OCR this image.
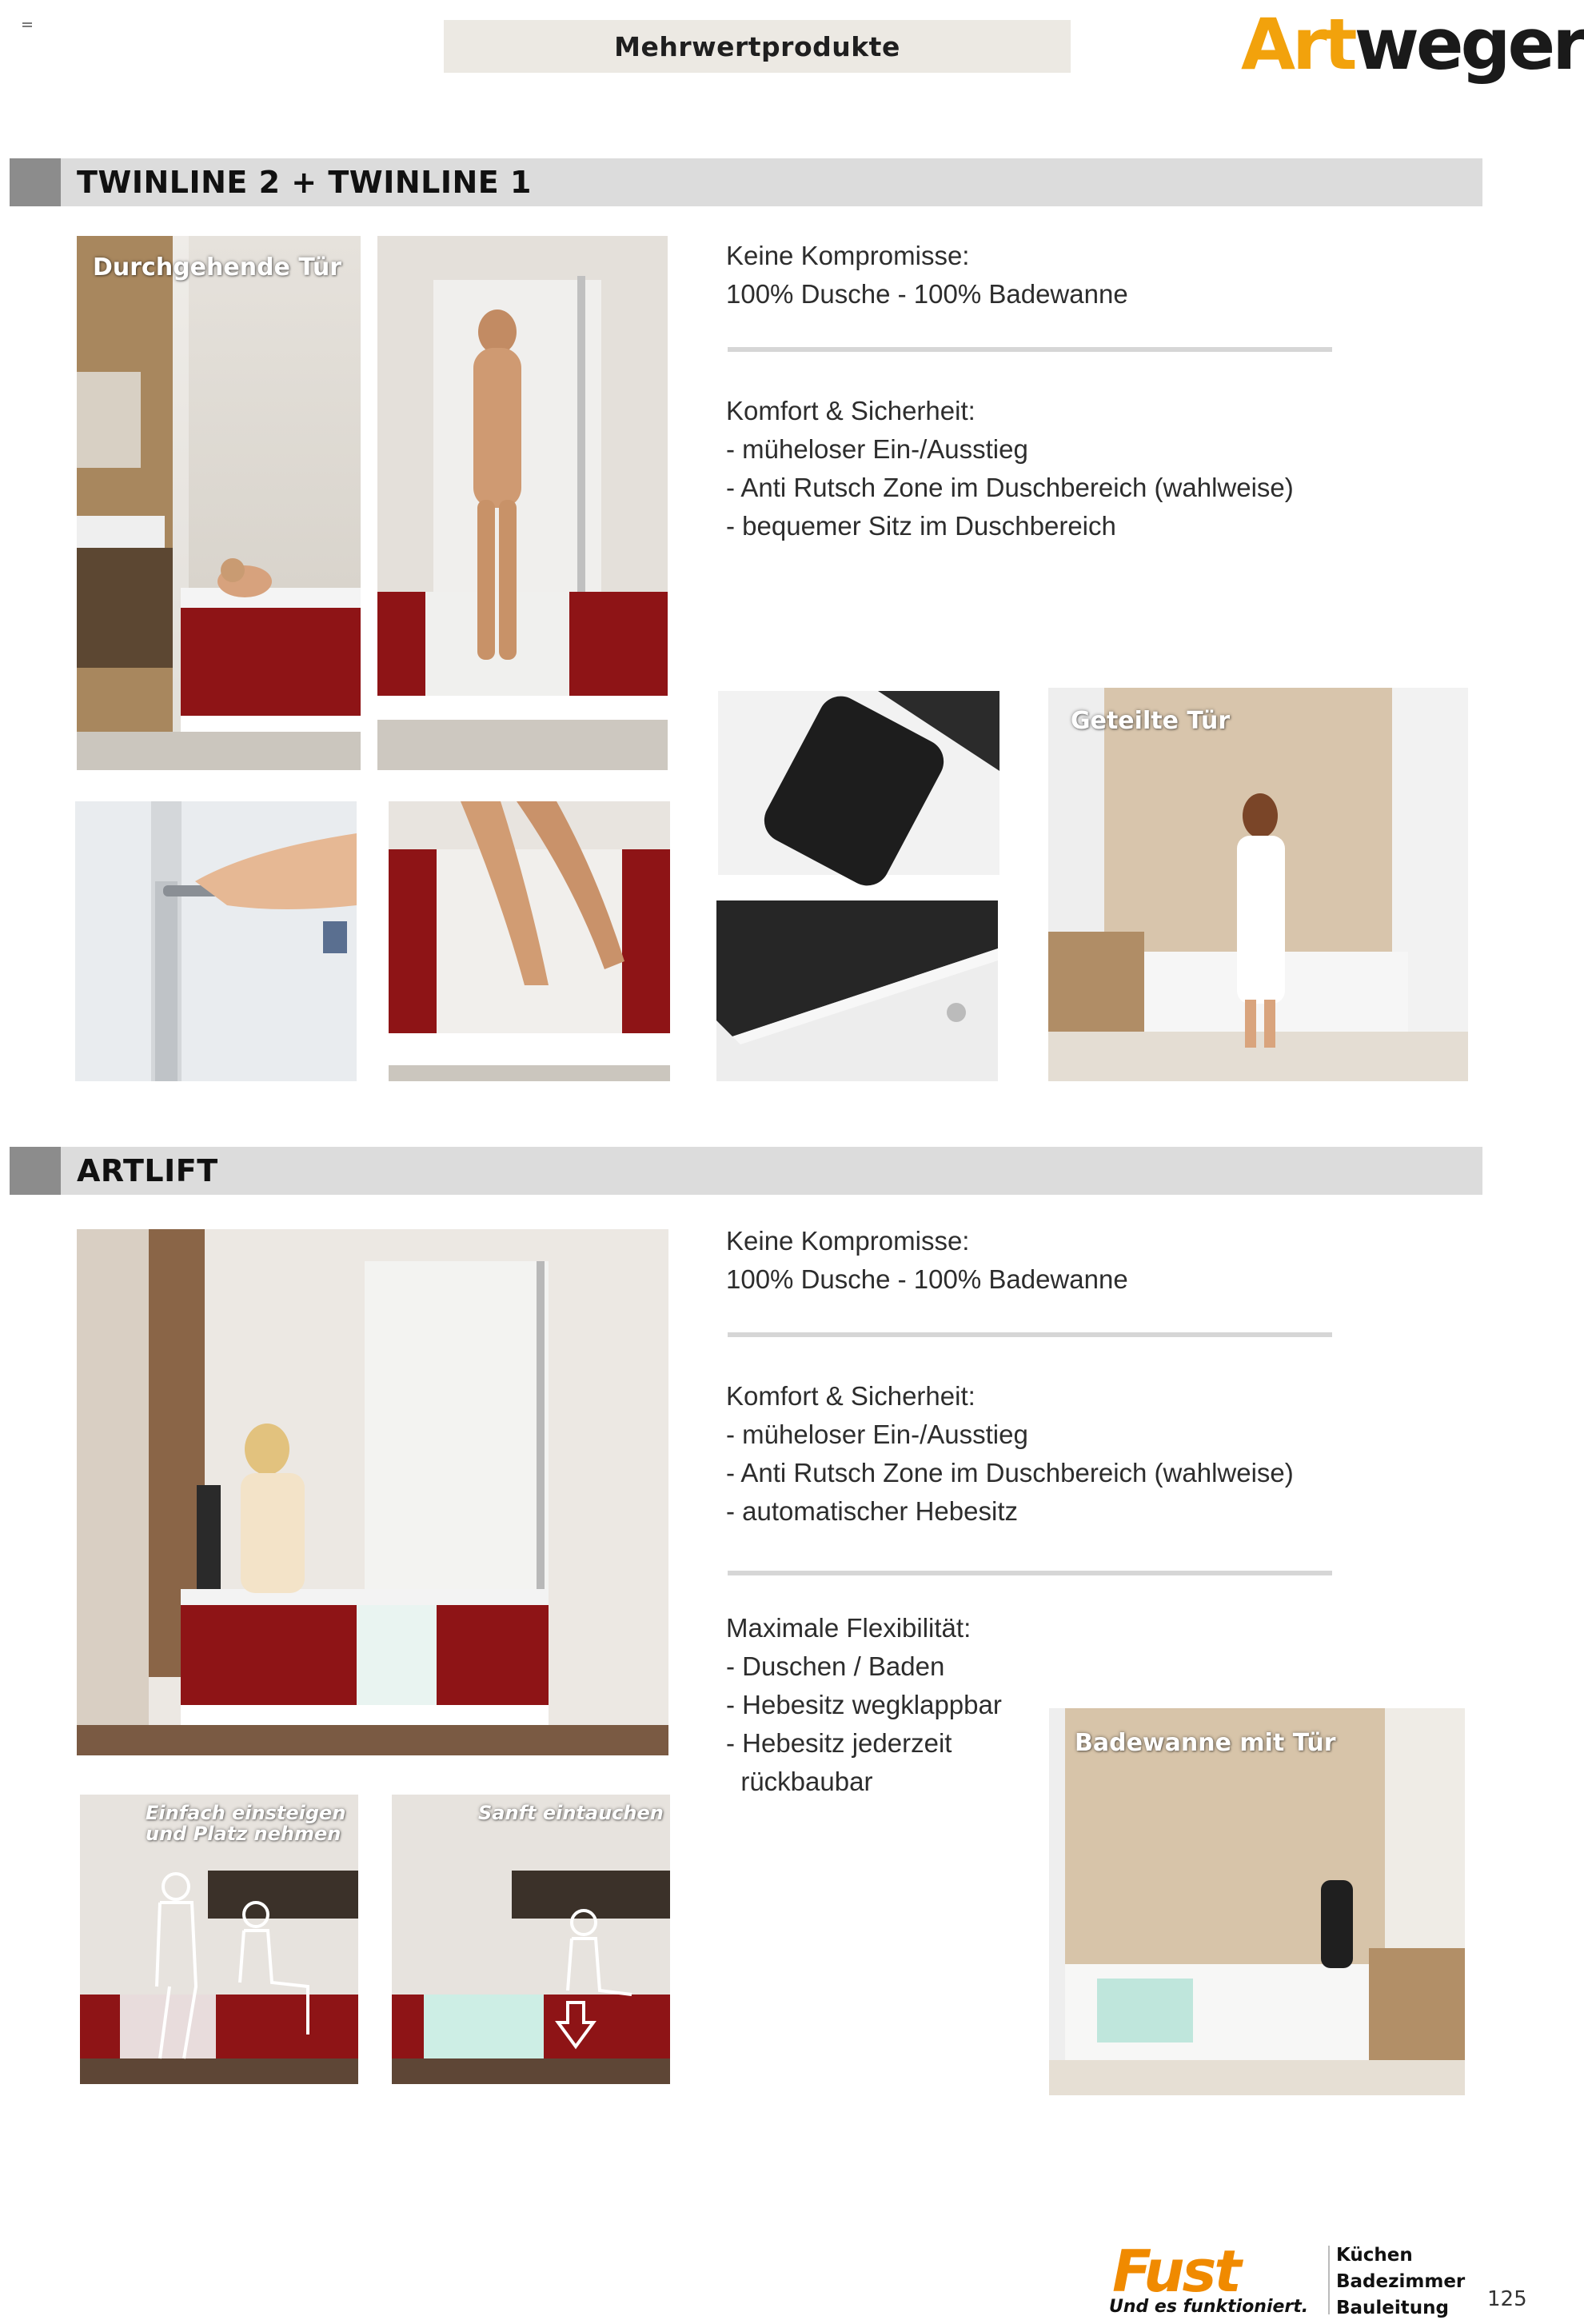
Mehrwertprodukte	Artweger
TWINLINE 2 + TWINLINE 1
Durchgehende Tür	Keine Kompromisse:
100% Dusche - 100% Badewanne
Komfort & Sicherheit:
- müheloser Ein-/Ausstieg
- Anti Rutsch Zone im Duschbereich (wahlweise)
- bequemer Sitz im Duschbereich
Geteilte Tür
ARTLIFT
Keine Kompromisse:
100% Dusche - 100% Badewanne
Komfort & Sicherheit:
- müheloser Ein-/Ausstieg
- Anti Rutsch Zone im Duschbereich (wahlweise)
- automatischer Hebesitz
Maximale Flexibilität:
- Duschen / Baden
- Hebesitz wegklappbar
- Hebesitz jederzeit
rückbaubar
Einfach einsteigen
und Platz nehmen
Sanft eintauchen
Badewanne mit Tür
Fust
Und es funktioniert.
Küchen
Badezimmer
Bauleitung	125
